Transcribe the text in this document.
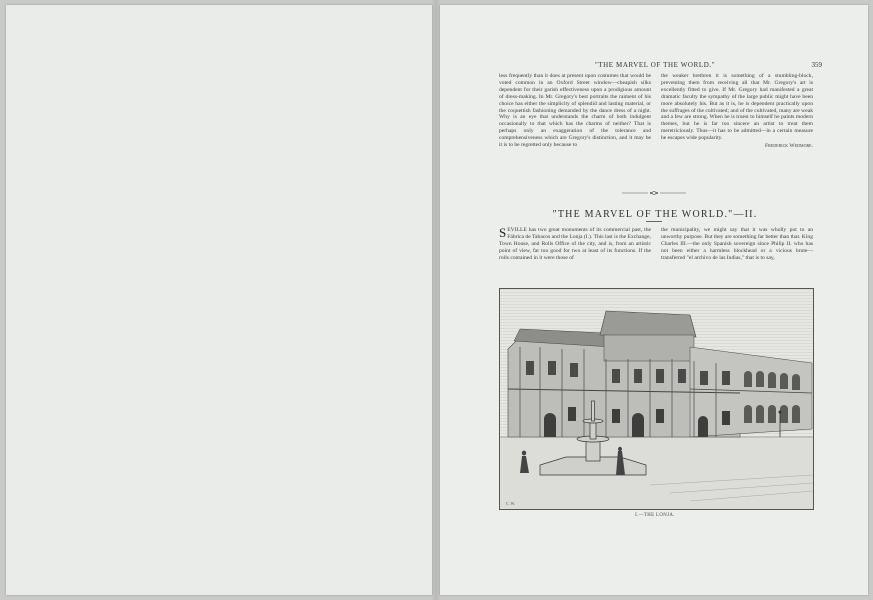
·
"THE MARVEL OF THE WORLD."	359

less frequently than it does at present upon costumes that would be voted common in an Oxford Street window—cheapish silks dependent for their garish effectiveness upon a prodigious amount of dress-making. In Mr. Gregory's best portraits the raiment of his choice has either the simplicity of splendid and lasting material, or the coquettish fashioning demanded by the dance dress of a night. Why is an eye that understands the charm of both indulgent occasionally to that which has the charms of neither? That is perhaps only an exaggeration of the tolerance and comprehensiveness which are Gregory's distinction, and it may be it is to be regretted only because to

the weaker brethren it is something of a stumbling-block, preventing them from receiving all that Mr. Gregory's art is excellently fitted to give. If Mr. Gregory had manifested a great dramatic faculty the sympathy of the large public might have been more absolutely his. But as it is, he is dependent practically upon the suffrages of the cultivated; and of the cultivated, many are weak and a few are strong. When he is truest to himself he paints modern themes, but he is far too sincere an artist to treat them meretriciously. Thus—it has to be admitted—in a certain measure he escapes wide popularity.

Frederick Wedmore.
"THE MARVEL OF THE WORLD."—II.

SEVILLE has two great monuments of its commercial past, the Fábrica de Tabacos and the Lonja (I.). This last is the Exchange, Town House, and Rolls Office of the city, and is, from an artistic point of view, far too good for two at least of its functions. If the rolls contained in it were those of

the municipality, we might say that it was wholly put to an unworthy purpose. But they are something far better than that. King Charles III.—the only Spanish sovereign since Philip II. who has not been either a harmless blockhead or a vicious brute—transferred "el archivo de las Indias," that is to say,

C. W.
I.—THE LONJA.
